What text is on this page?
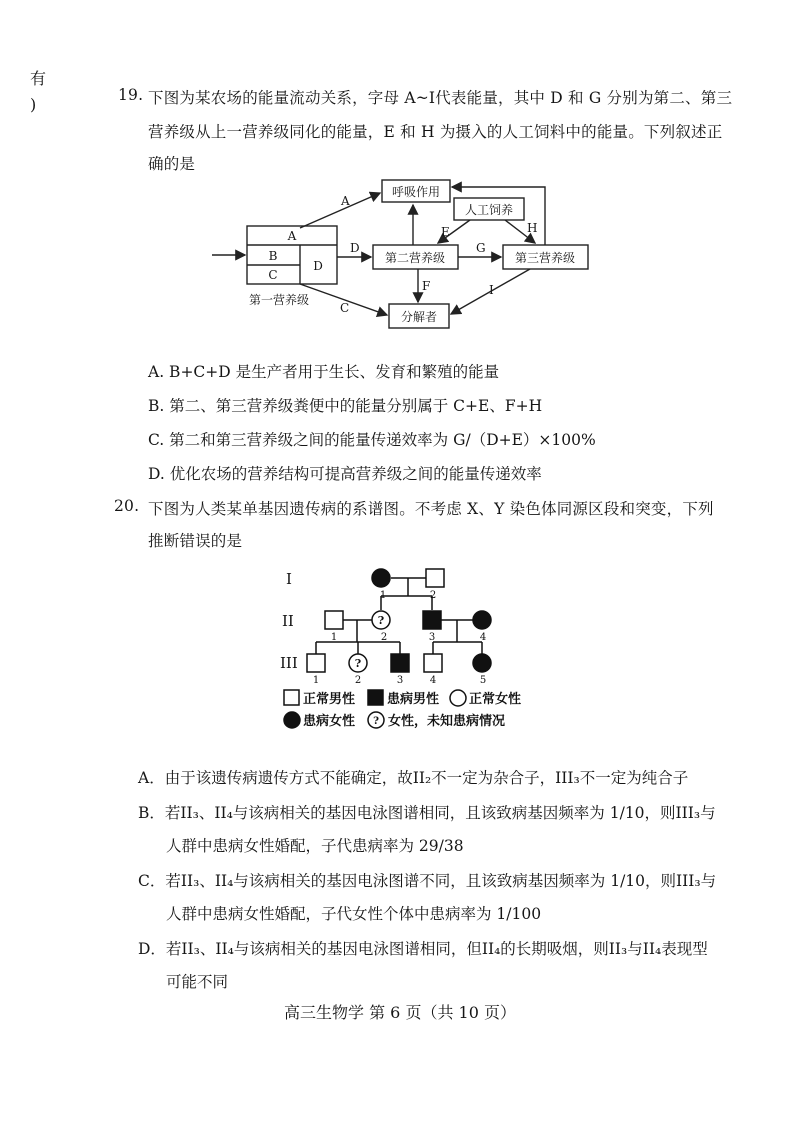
有
)	19. 下图为某农场的能量流动关系，字母 A~I代表能量，其中 D 和 G 分别为第二、第三
营养级从上一营养级同化的能量，E 和 H 为摄入的人工饲料中的能量。下列叙述正
确的是
呼吸作用
人工饲养
第二营养级	第三营养级
分解者
第一营养级
A
B
C
D
A
D
C
E
F
G
H
I
A. B+C+D 是生产者用于生长、发育和繁殖的能量
B. 第二、第三营养级粪便中的能量分别属于 C+E、F+H
C. 第二和第三营养级之间的能量传递效率为 G/（D+E）×100%
D. 优化农场的营养结构可提高营养级之间的能量传递效率
20. 下图为人类某单基因遗传病的系谱图。不考虑 X、Y 染色体同源区段和突变，下列
推断错误的是
?
?
I
II
III
1	2
1	2	3	4
1	2	3	4	5
?
正常男性 患病男性 正常女性
患病女性	女性，未知患病情况
A．由于该遗传病遗传方式不能确定，故II₂不一定为杂合子，III₃不一定为纯合子
B．若II₃、II₄与该病相关的基因电泳图谱相同，且该致病基因频率为 1/10，则III₃与
人群中患病女性婚配，子代患病率为 29/38
C．若II₃、II₄与该病相关的基因电泳图谱不同，且该致病基因频率为 1/10，则III₃与
人群中患病女性婚配，子代女性个体中患病率为 1/100
D．若II₃、II₄与该病相关的基因电泳图谱相同，但II₄的长期吸烟，则II₃与II₄表现型
可能不同
高三生物学 第 6 页（共 10 页）
